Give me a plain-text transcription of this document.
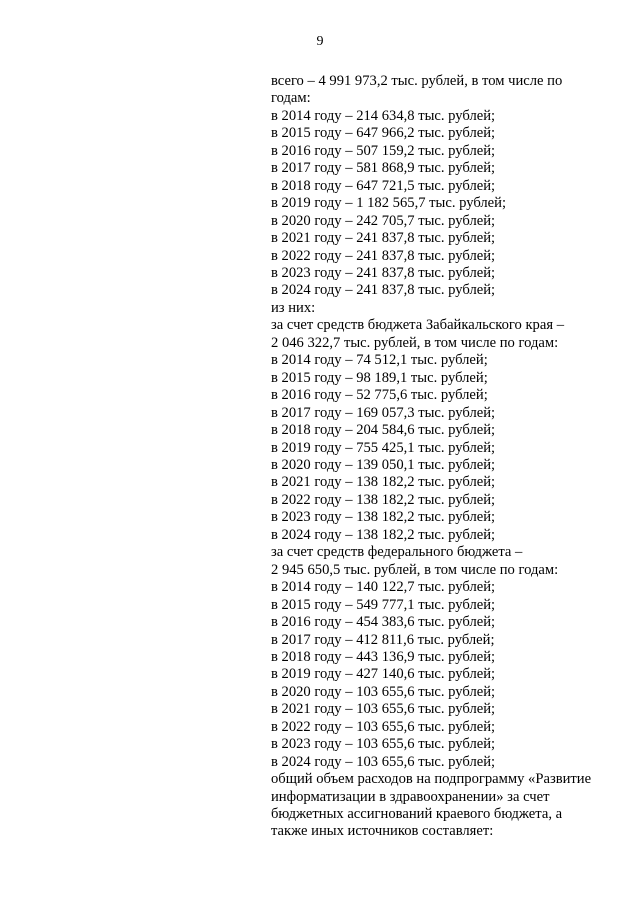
9
всего – 4 991 973,2 тыс. рублей, в том числе по
годам:
в 2014 году – 214 634,8 тыс. рублей;
в 2015 году – 647 966,2 тыс. рублей;
в 2016 году – 507 159,2 тыс. рублей;
в 2017 году – 581 868,9 тыс. рублей;
в 2018 году – 647 721,5 тыс. рублей;
в 2019 году – 1 182 565,7 тыс. рублей;
в 2020 году – 242 705,7 тыс. рублей;
в 2021 году – 241 837,8 тыс. рублей;
в 2022 году – 241 837,8 тыс. рублей;
в 2023 году – 241 837,8 тыс. рублей;
в 2024 году – 241 837,8 тыс. рублей;
из них:
за счет средств бюджета Забайкальского края –
2 046 322,7 тыс. рублей, в том числе по годам:
в 2014 году – 74 512,1 тыс. рублей;
в 2015 году – 98 189,1 тыс. рублей;
в 2016 году – 52 775,6 тыс. рублей;
в 2017 году – 169 057,3 тыс. рублей;
в 2018 году – 204 584,6 тыс. рублей;
в 2019 году – 755 425,1 тыс. рублей;
в 2020 году – 139 050,1 тыс. рублей;
в 2021 году – 138 182,2 тыс. рублей;
в 2022 году – 138 182,2 тыс. рублей;
в 2023 году – 138 182,2 тыс. рублей;
в 2024 году – 138 182,2 тыс. рублей;
за счет средств федерального бюджета –
2 945 650,5 тыс. рублей, в том числе по годам:
в 2014 году – 140 122,7 тыс. рублей;
в 2015 году – 549 777,1 тыс. рублей;
в 2016 году – 454 383,6 тыс. рублей;
в 2017 году – 412 811,6 тыс. рублей;
в 2018 году – 443 136,9 тыс. рублей;
в 2019 году – 427 140,6 тыс. рублей;
в 2020 году – 103 655,6 тыс. рублей;
в 2021 году – 103 655,6 тыс. рублей;
в 2022 году – 103 655,6 тыс. рублей;
в 2023 году – 103 655,6 тыс. рублей;
в 2024 году – 103 655,6 тыс. рублей;
общий объем расходов на подпрограмму «Развитие
информатизации в здравоохранении» за счет
бюджетных ассигнований краевого бюджета, а
также иных источников составляет:
